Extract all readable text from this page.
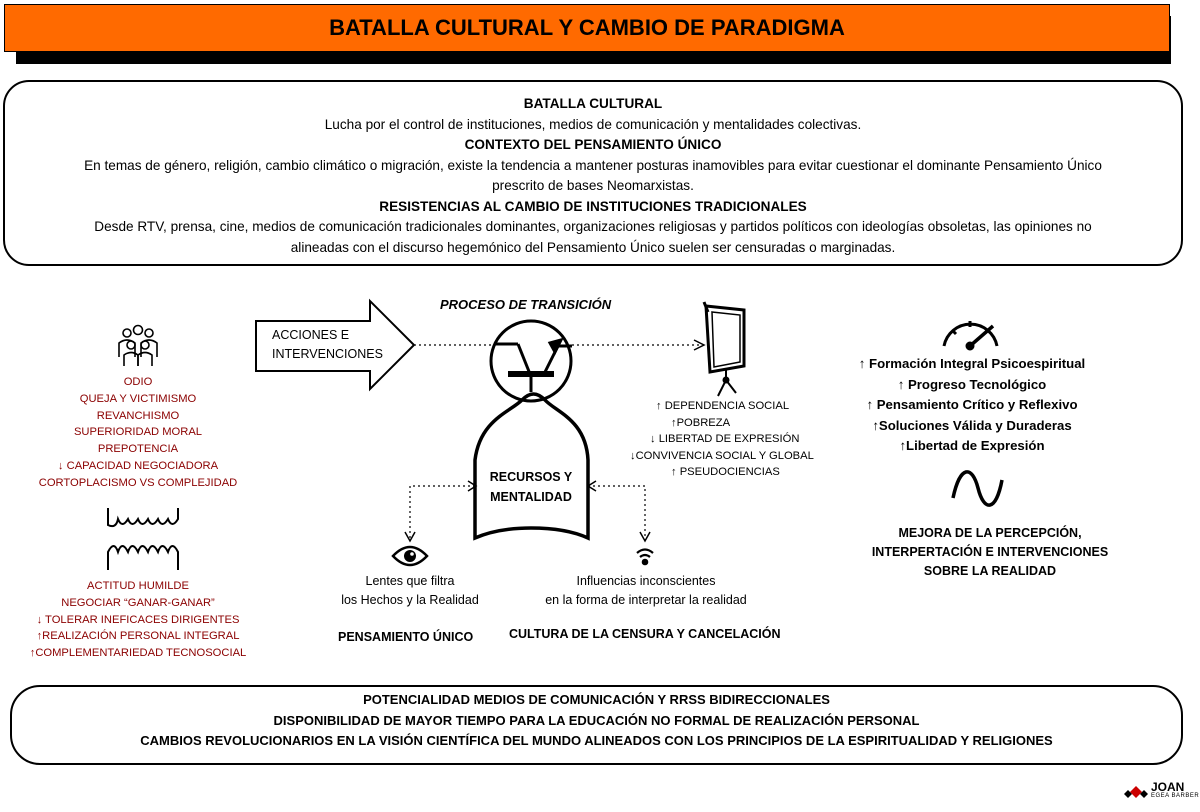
BATALLA CULTURAL Y CAMBIO DE PARADIGMA
BATALLA CULTURAL
Lucha por el control de instituciones, medios de comunicación y mentalidades colectivas.
CONTEXTO DEL PENSAMIENTO ÚNICO
En temas de género, religión, cambio climático o migración, existe la tendencia a mantener posturas inamovibles para evitar cuestionar el dominante Pensamiento Único
prescrito de bases Neomarxistas.
RESISTENCIAS AL CAMBIO DE INSTITUCIONES TRADICIONALES
Desde RTV, prensa, cine, medios de comunicación tradicionales dominantes, organizaciones religiosas y partidos políticos con ideologías obsoletas, las opiniones no
alineadas con el discurso hegemónico del Pensamiento Único suelen ser censuradas o marginadas.
ODIO
QUEJA Y VICTIMISMO
REVANCHISMO
SUPERIORIDAD MORAL
PREPOTENCIA
↓ CAPACIDAD NEGOCIADORA
CORTOPLACISMO VS COMPLEJIDAD
ACTITUD HUMILDE
NEGOCIAR “GANAR-GANAR”
↓ TOLERAR INEFICACES DIRIGENTES
↑REALIZACIÓN PERSONAL INTEGRAL
↑COMPLEMENTARIEDAD TECNOSOCIAL
ACCIONES E
INTERVENCIONES
PROCESO DE TRANSICIÓN
RECURSOS Y
MENTALIDAD
↑ DEPENDENCIA SOCIAL
↑POBREZA
↓ LIBERTAD DE EXPRESIÓN
↓CONVIVENCIA SOCIAL Y GLOBAL
↑ PSEUDOCIENCIAS
Lentes que filtra
los Hechos y la Realidad
Influencias inconscientes
en la forma de interpretar la realidad
PENSAMIENTO ÚNICO	CULTURA DE LA CENSURA Y CANCELACIÓN
↑ Formación Integral Psicoespiritual
↑ Progreso Tecnológico
↑ Pensamiento Crítico y Reflexivo
↑Soluciones Válida y Duraderas
↑Libertad de Expresión
MEJORA DE LA PERCEPCIÓN,
INTERPERTACIÓN E INTERVENCIONES
SOBRE LA REALIDAD
POTENCIALIDAD MEDIOS DE COMUNICACIÓN Y RRSS BIDIRECCIONALES
DISPONIBILIDAD DE MAYOR TIEMPO PARA LA EDUCACIÓN NO FORMAL DE REALIZACIÓN PERSONAL
CAMBIOS REVOLUCIONARIOS EN LA VISIÓN CIENTÍFICA DEL MUNDO ALINEADOS CON LOS PRINCIPIOS DE LA ESPIRITUALIDAD Y RELIGIONES
JOAN
EGEA BARBER
